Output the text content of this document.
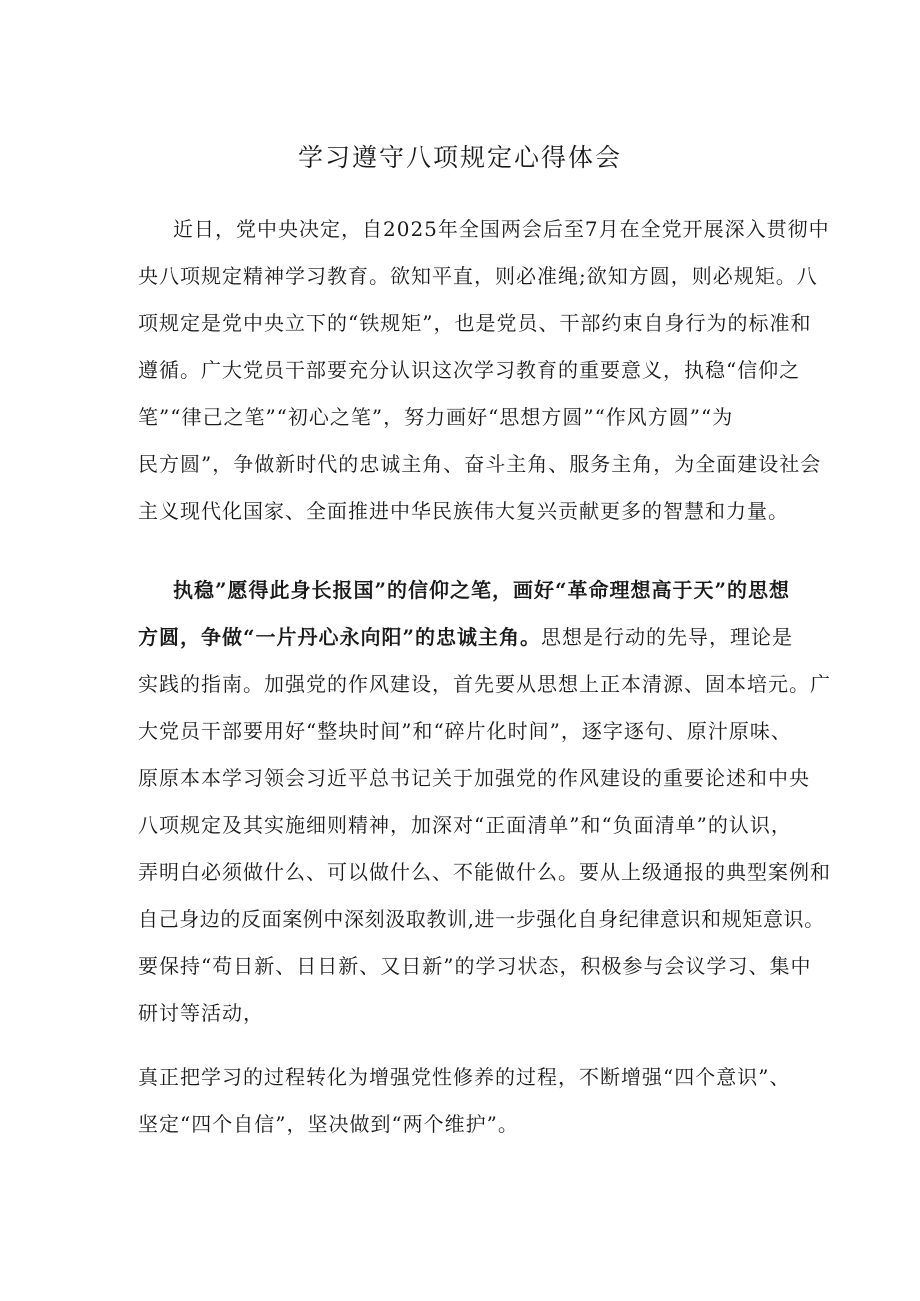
学习遵守八项规定心得体会

近日，党中央决定，自2025年全国两会后至7月在全党开展深入贯彻中

央八项规定精神学习教育。欲知平直，则必准绳;欲知方圆，则必规矩。八

项规定是党中央立下的“铁规矩”，也是党员、干部约束自身行为的标准和

遵循。广大党员干部要充分认识这次学习教育的重要意义，执稳“信仰之

笔”“律己之笔”“初心之笔”，努力画好“思想方圆”“作风方圆”“为

民方圆”，争做新时代的忠诚主角、奋斗主角、服务主角，为全面建设社会

主义现代化国家、全面推进中华民族伟大复兴贡献更多的智慧和力量。

执稳”愿得此身长报国”的信仰之笔，画好“革命理想高于天”的思想

方圆，争做“一片丹心永向阳”的忠诚主角。思想是行动的先导，理论是

实践的指南。加强党的作风建设，首先要从思想上正本清源、固本培元。广

大党员干部要用好“整块时间”和“碎片化时间”，逐字逐句、原汁原味、

原原本本学习领会习近平总书记关于加强党的作风建设的重要论述和中央

八项规定及其实施细则精神，加深对“正面清单”和“负面清单”的认识，

弄明白必须做什么、可以做什么、不能做什么。要从上级通报的典型案例和

自己身边的反面案例中深刻汲取教训,进一步强化自身纪律意识和规矩意识。

要保持“苟日新、日日新、又日新”的学习状态，积极参与会议学习、集中

研讨等活动，

真正把学习的过程转化为增强党性修养的过程，不断增强“四个意识”、

坚定“四个自信”，坚决做到“两个维护”。
